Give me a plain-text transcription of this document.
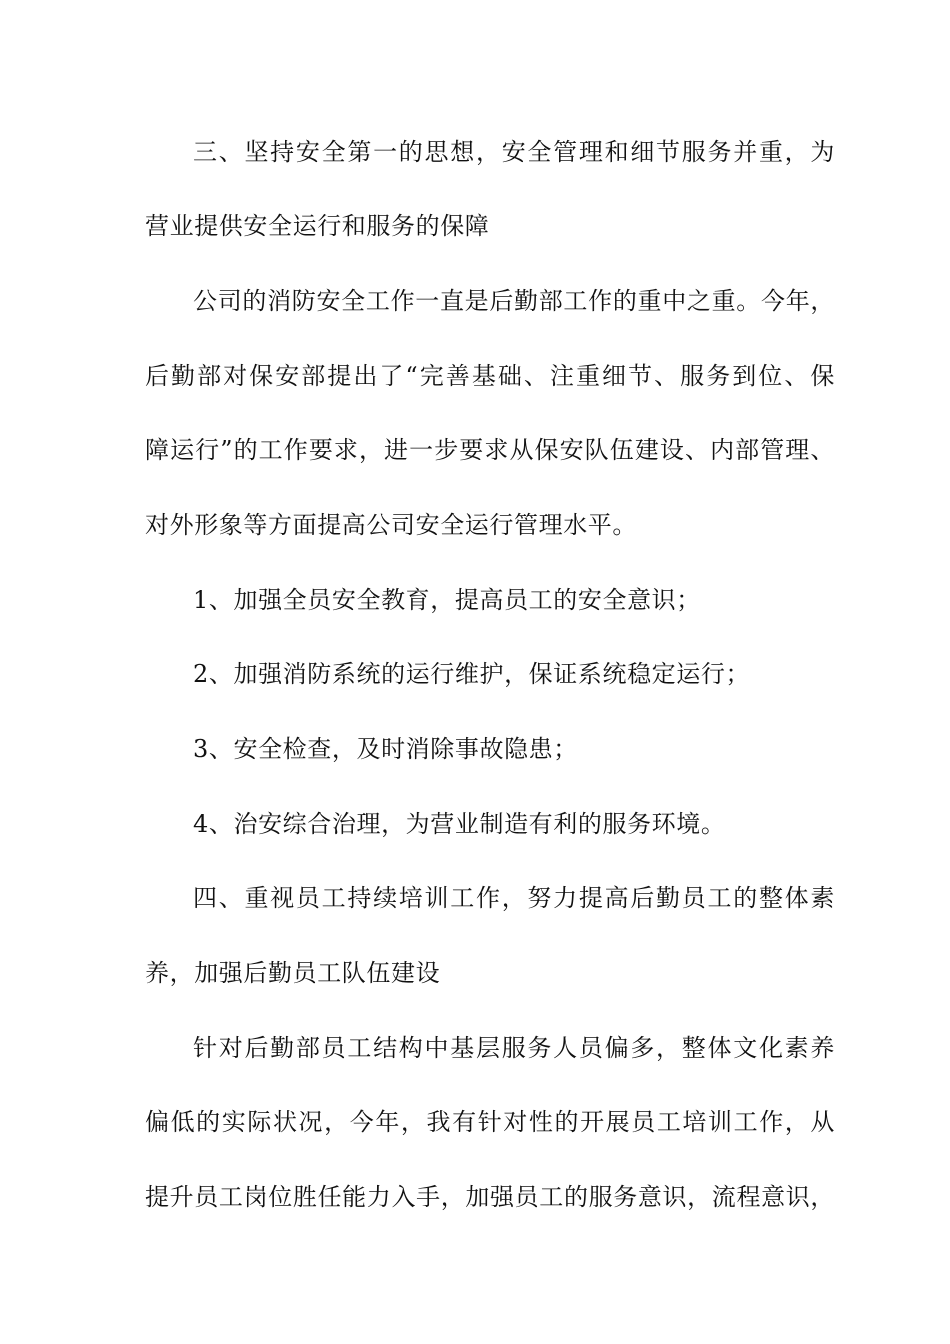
三、坚持安全第一的思想，安全管理和细节服务并重，为
营业提供安全运行和服务的保障
公司的消防安全工作一直是后勤部工作的重中之重。今年，
后勤部对保安部提出了“完善基础、注重细节、服务到位、保
障运行”的工作要求，进一步要求从保安队伍建设、内部管理、
对外形象等方面提高公司安全运行管理水平。
1、加强全员安全教育，提高员工的安全意识；
2、加强消防系统的运行维护，保证系统稳定运行；
3、安全检查，及时消除事故隐患；
4、治安综合治理，为营业制造有利的服务环境。
四、重视员工持续培训工作，努力提高后勤员工的整体素
养，加强后勤员工队伍建设
针对后勤部员工结构中基层服务人员偏多，整体文化素养
偏低的实际状况，今年，我有针对性的开展员工培训工作，从
提升员工岗位胜任能力入手，加强员工的服务意识，流程意识，
